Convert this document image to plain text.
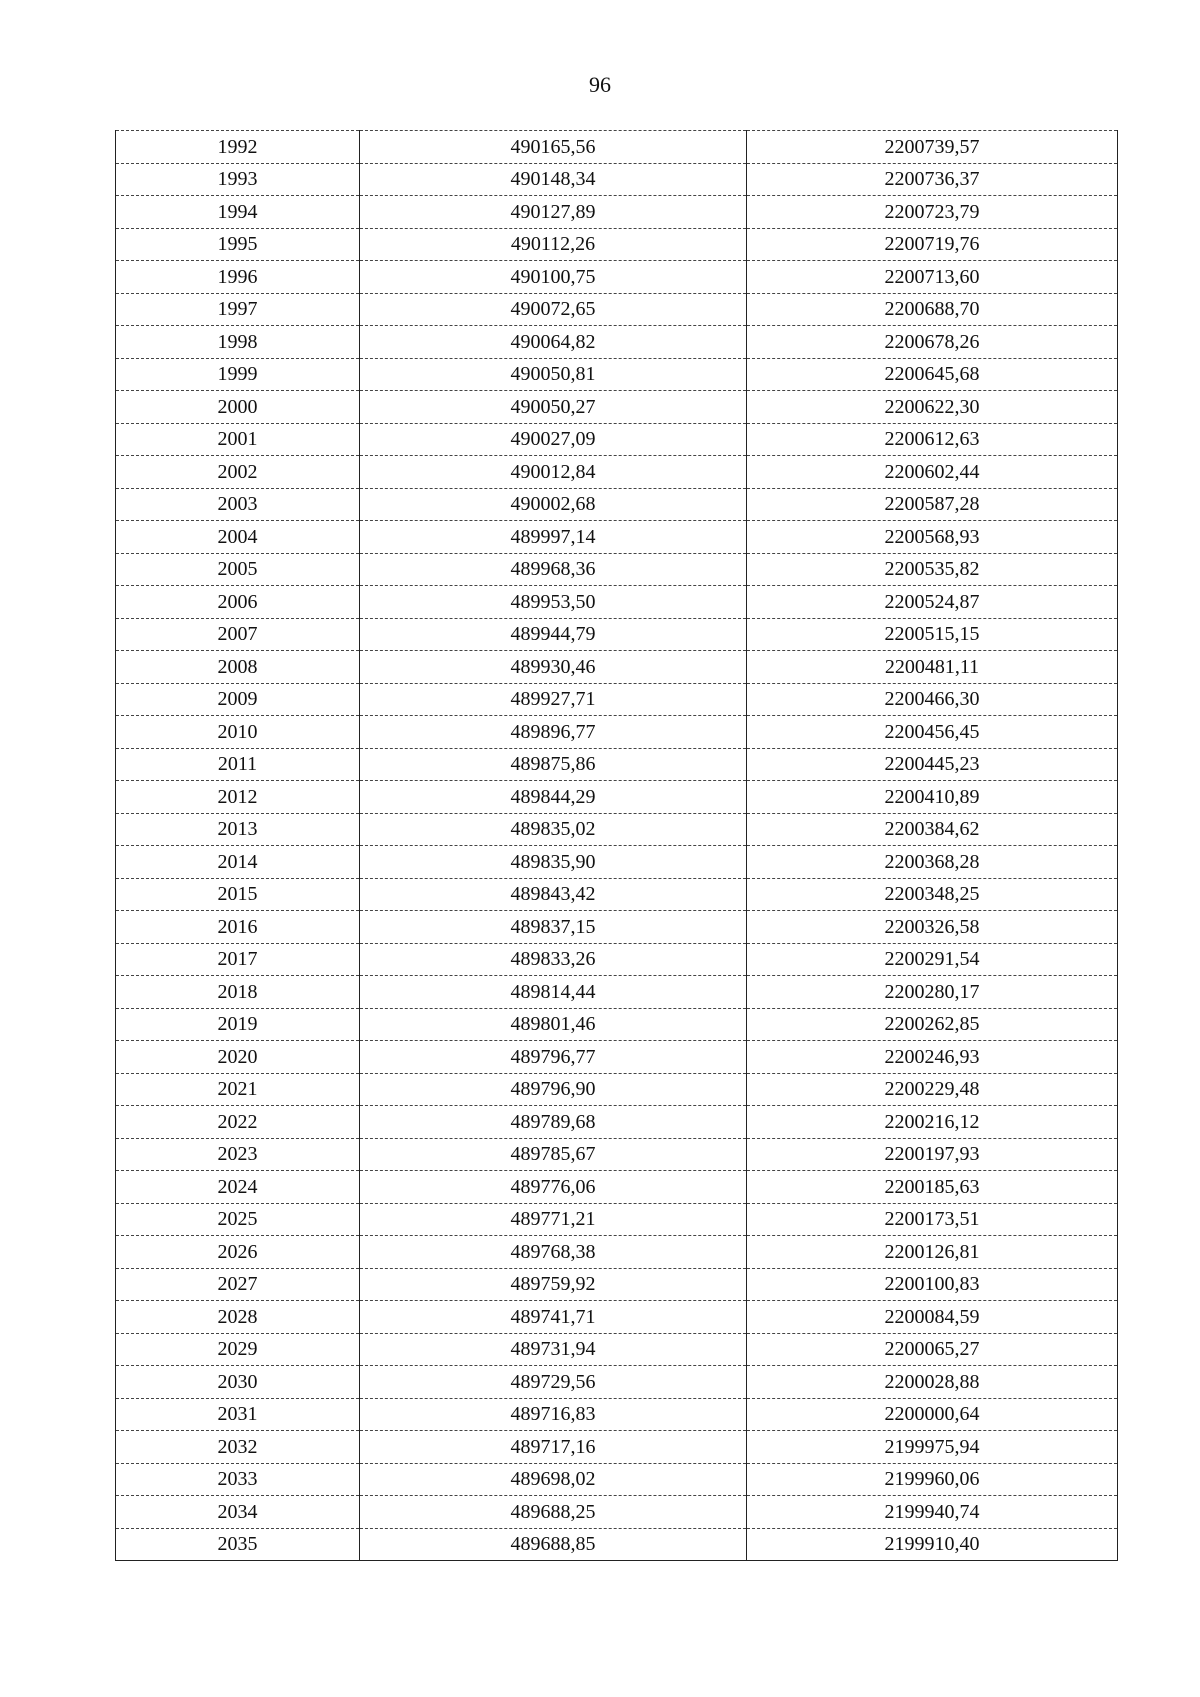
96
1992	490165,56	2200739,57
1993	490148,34	2200736,37
1994	490127,89	2200723,79
1995	490112,26	2200719,76
1996	490100,75	2200713,60
1997	490072,65	2200688,70
1998	490064,82	2200678,26
1999	490050,81	2200645,68
2000	490050,27	2200622,30
2001	490027,09	2200612,63
2002	490012,84	2200602,44
2003	490002,68	2200587,28
2004	489997,14	2200568,93
2005	489968,36	2200535,82
2006	489953,50	2200524,87
2007	489944,79	2200515,15
2008	489930,46	2200481,11
2009	489927,71	2200466,30
2010	489896,77	2200456,45
2011	489875,86	2200445,23
2012	489844,29	2200410,89
2013	489835,02	2200384,62
2014	489835,90	2200368,28
2015	489843,42	2200348,25
2016	489837,15	2200326,58
2017	489833,26	2200291,54
2018	489814,44	2200280,17
2019	489801,46	2200262,85
2020	489796,77	2200246,93
2021	489796,90	2200229,48
2022	489789,68	2200216,12
2023	489785,67	2200197,93
2024	489776,06	2200185,63
2025	489771,21	2200173,51
2026	489768,38	2200126,81
2027	489759,92	2200100,83
2028	489741,71	2200084,59
2029	489731,94	2200065,27
2030	489729,56	2200028,88
2031	489716,83	2200000,64
2032	489717,16	2199975,94
2033	489698,02	2199960,06
2034	489688,25	2199940,74
2035	489688,85	2199910,40
